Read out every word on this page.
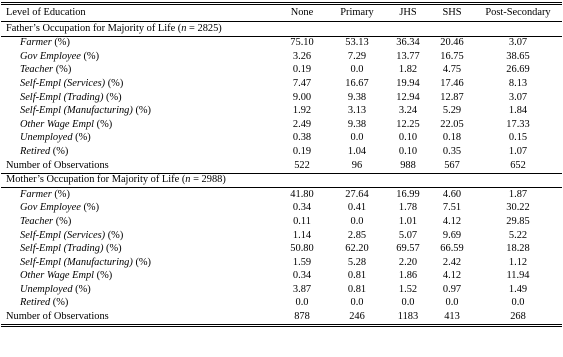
Level of Education	None	Primary	JHS	SHS	Post-Secondary
Father’s Occupation for Majority of Life (n = 2825)					
Farmer (%)	75.10	53.13	36.34	20.46	3.07
Gov Employee (%)	3.26	7.29	13.77	16.75	38.65
Teacher (%)	0.19	0.0	1.82	4.75	26.69
Self-Empl (Services) (%)	7.47	16.67	19.94	17.46	8.13
Self-Empl (Trading) (%)	9.00	9.38	12.94	12.87	3.07
Self-Empl (Manufacturing) (%)	1.92	3.13	3.24	5.29	1.84
Other Wage Empl (%)	2.49	9.38	12.25	22.05	17.33
Unemployed (%)	0.38	0.0	0.10	0.18	0.15
Retired (%)	0.19	1.04	0.10	0.35	1.07
Number of Observations	522	96	988	567	652
Mother’s Occupation for Majority of Life (n = 2988)					
Farmer (%)	41.80	27.64	16.99	4.60	1.87
Gov Employee (%)	0.34	0.41	1.78	7.51	30.22
Teacher (%)	0.11	0.0	1.01	4.12	29.85
Self-Empl (Services) (%)	1.14	2.85	5.07	9.69	5.22
Self-Empl (Trading) (%)	50.80	62.20	69.57	66.59	18.28
Self-Empl (Manufacturing) (%)	1.59	5.28	2.20	2.42	1.12
Other Wage Empl (%)	0.34	0.81	1.86	4.12	11.94
Unemployed (%)	3.87	0.81	1.52	0.97	1.49
Retired (%)	0.0	0.0	0.0	0.0	0.0
Number of Observations	878	246	1183	413	268
